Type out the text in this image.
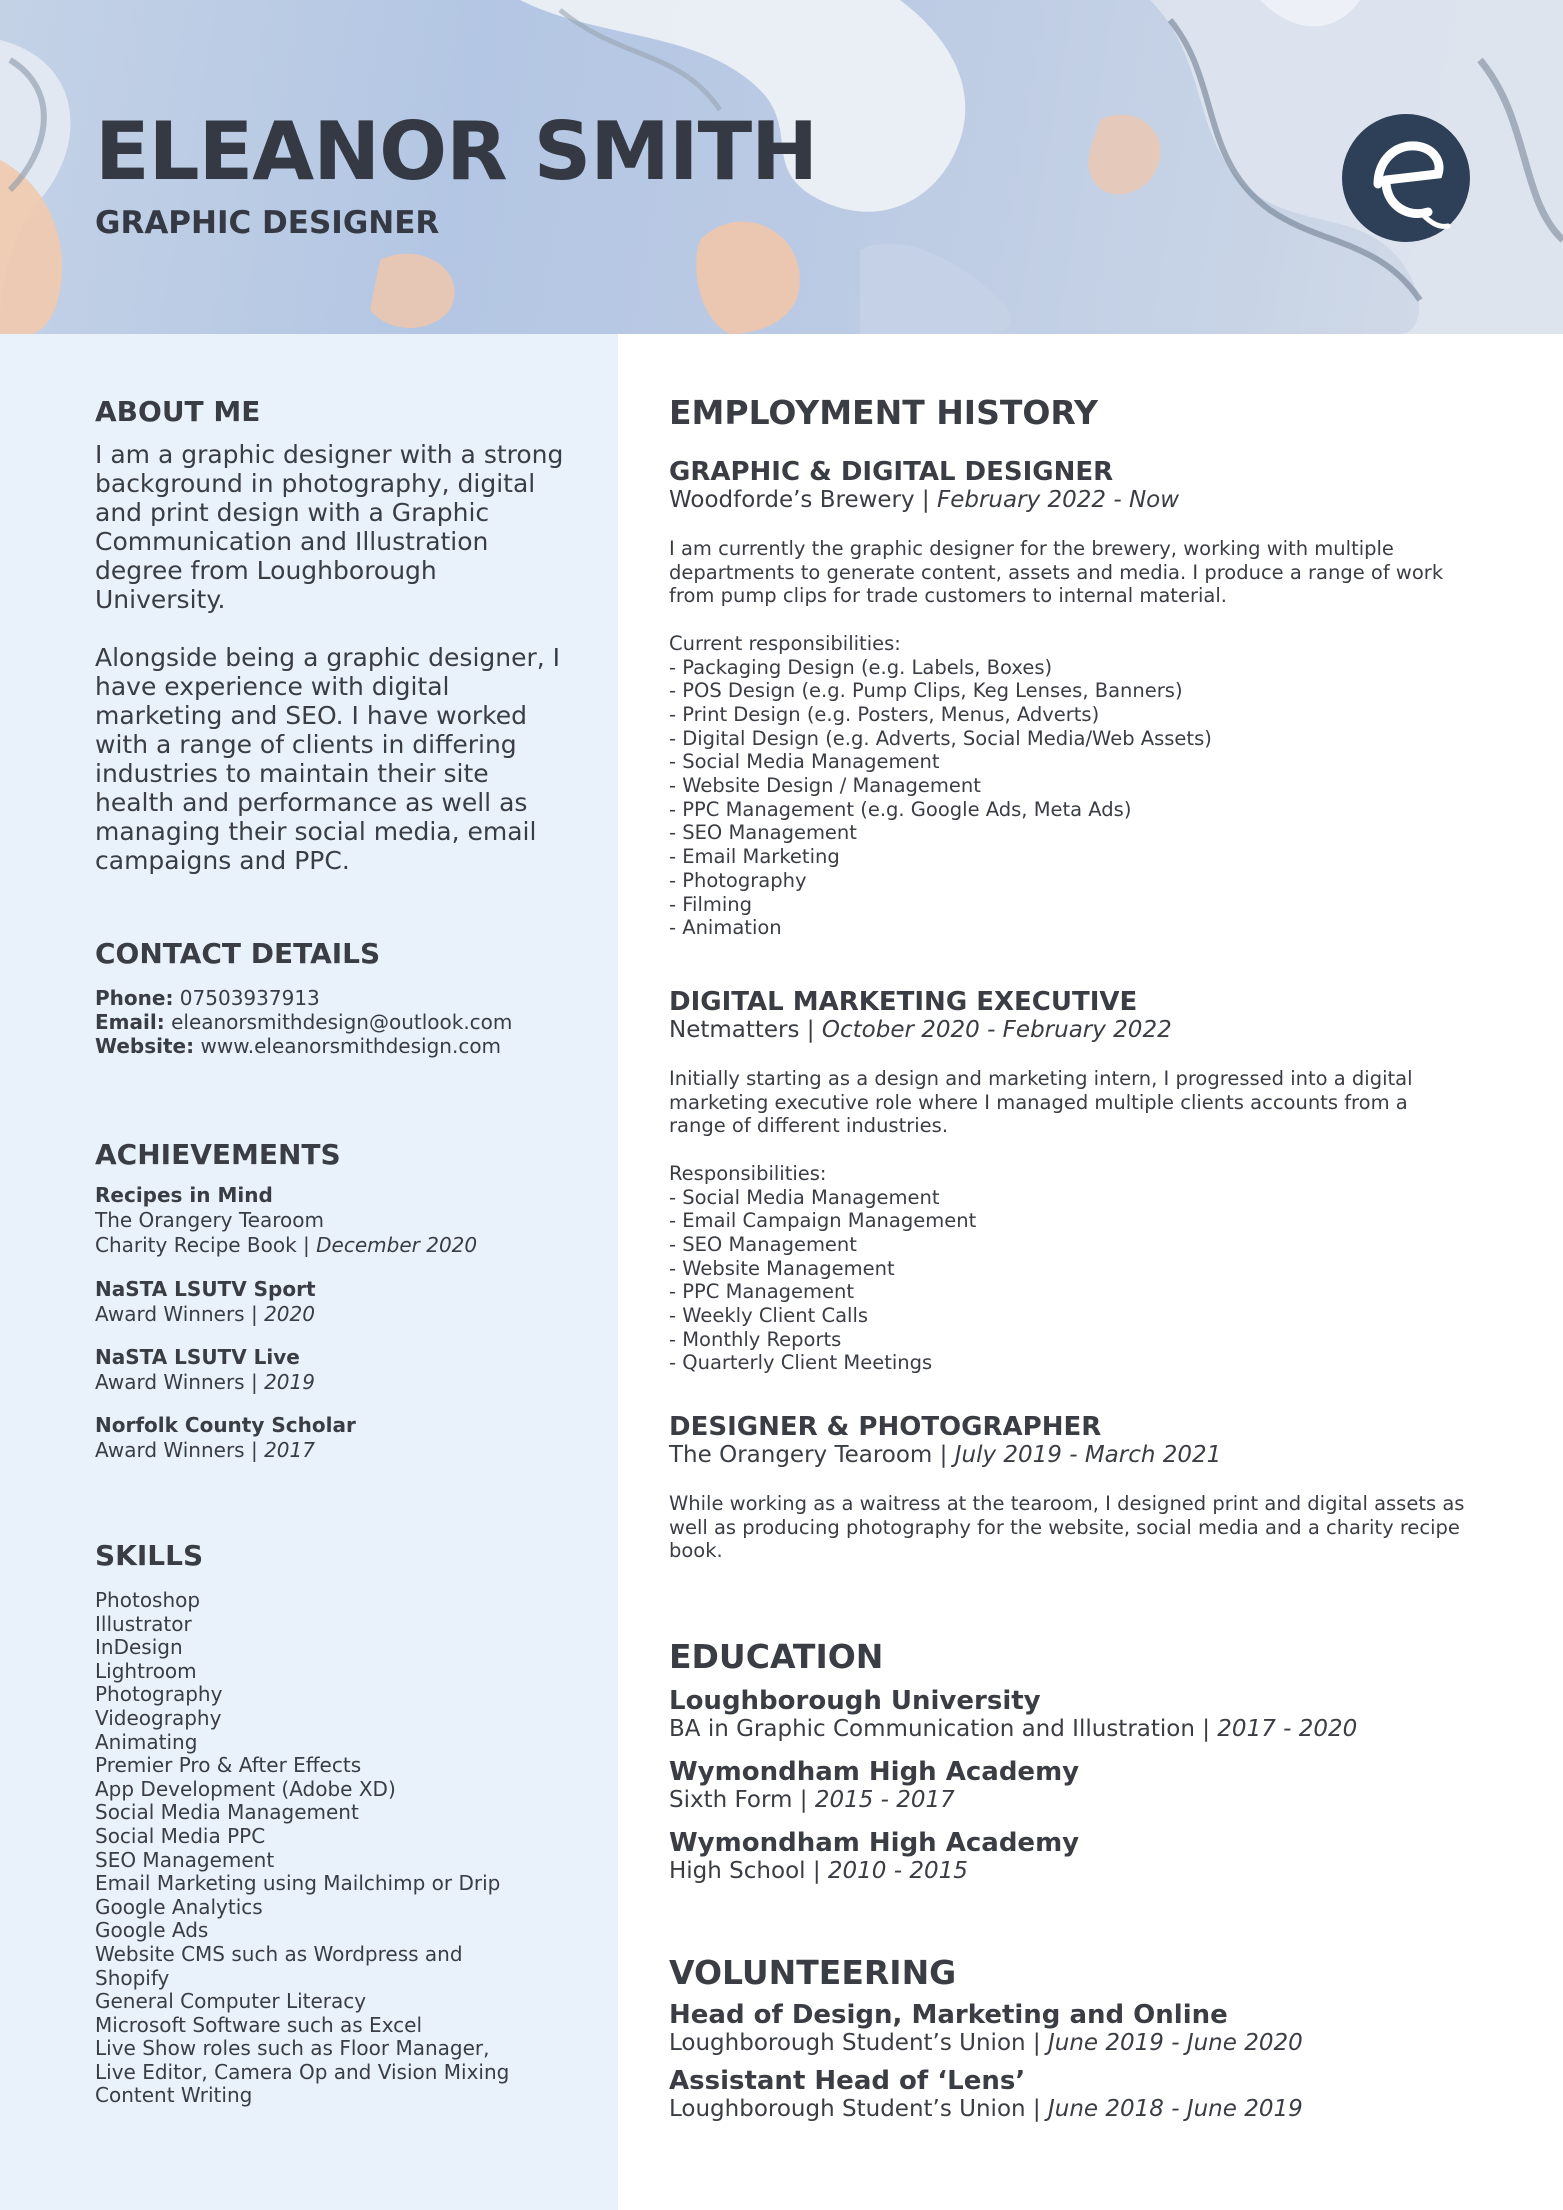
ELEANOR SMITH
GRAPHIC DESIGNER
ABOUT ME

I am a graphic designer with a strong background in photography, digital and print design with a Graphic Communication and Illustration degree from Loughborough University.

Alongside being a graphic designer, I have experience with digital marketing and SEO. I have worked with a range of clients in differing industries to maintain their site health and performance as well as managing their social media, email campaigns and PPC.

CONTACT DETAILS
Phone: 07503937913
Email: eleanorsmithdesign@outlook.com
Website: www.eleanorsmithdesign.com
ACHIEVEMENTS
Recipes in Mind
The Orangery Tearoom
Charity Recipe Book | December 2020
NaSTA LSUTV Sport
Award Winners | 2020
NaSTA LSUTV Live
Award Winners | 2019
Norfolk County Scholar
Award Winners | 2017
SKILLS
Photoshop
Illustrator
InDesign
Lightroom
Photography
Videography
Animating
Premier Pro & After Effects
App Development (Adobe XD)
Social Media Management
Social Media PPC
SEO Management
Email Marketing using Mailchimp or Drip
Google Analytics
Google Ads
Website CMS such as Wordpress and
Shopify
General Computer Literacy
Microsoft Software such as Excel
Live Show roles such as Floor Manager,
Live Editor, Camera Op and Vision Mixing
Content Writing
EMPLOYMENT HISTORY
GRAPHIC & DIGITAL DESIGNER
Woodforde’s Brewery | February 2022 - Now

I am currently the graphic designer for the brewery, working with multiple departments to generate content, assets and media. I produce a range of work from pump clips for trade customers to internal material.

Current responsibilities:
- Packaging Design (e.g. Labels, Boxes)
- POS Design (e.g. Pump Clips, Keg Lenses, Banners)
- Print Design (e.g. Posters, Menus, Adverts)
- Digital Design (e.g. Adverts, Social Media/Web Assets)
- Social Media Management
- Website Design / Management
- PPC Management (e.g. Google Ads, Meta Ads)
- SEO Management
- Email Marketing
- Photography
- Filming
- Animation
DIGITAL MARKETING EXECUTIVE
Netmatters | October 2020 - February 2022

Initially starting as a design and marketing intern, I progressed into a digital marketing executive role where I managed multiple clients accounts from a range of different industries.

Responsibilities:
- Social Media Management
- Email Campaign Management
- SEO Management
- Website Management
- PPC Management
- Weekly Client Calls
- Monthly Reports
- Quarterly Client Meetings
DESIGNER & PHOTOGRAPHER
The Orangery Tearoom | July 2019 - March 2021

While working as a waitress at the tearoom, I designed print and digital assets as well as producing photography for the website, social media and a charity recipe book.

EDUCATION
Loughborough University
BA in Graphic Communication and Illustration | 2017 - 2020
Wymondham High Academy
Sixth Form | 2015 - 2017
Wymondham High Academy
High School | 2010 - 2015
VOLUNTEERING
Head of Design, Marketing and Online
Loughborough Student’s Union | June 2019 - June 2020
Assistant Head of ‘Lens’
Loughborough Student’s Union | June 2018 - June 2019
